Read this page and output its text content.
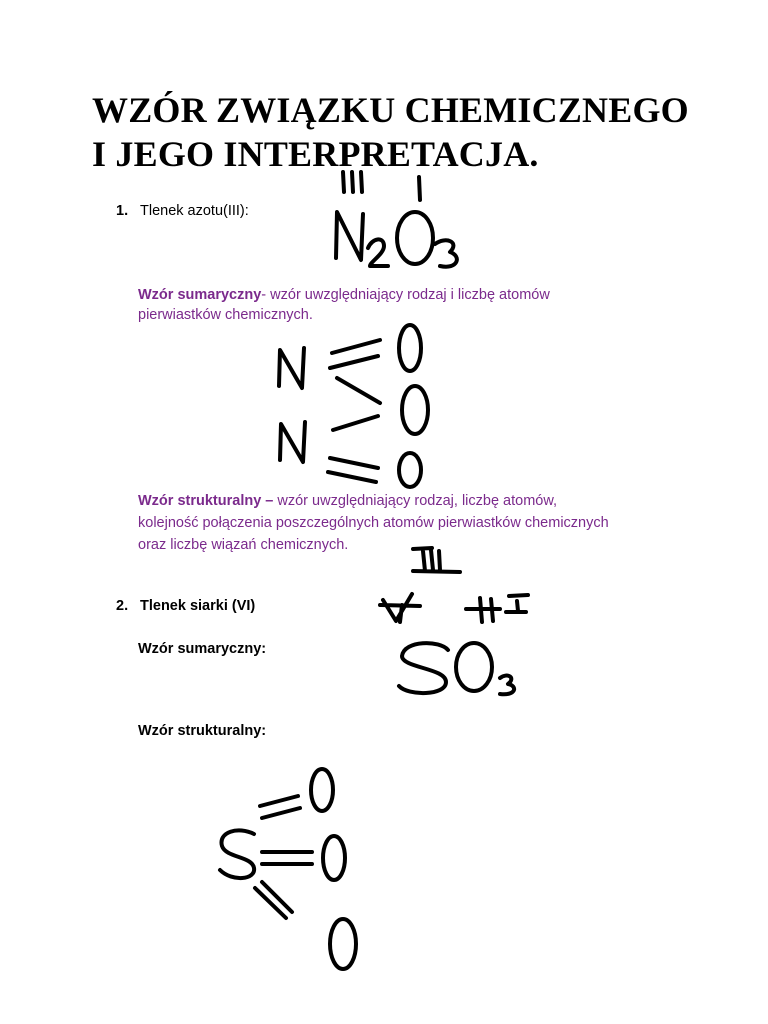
WZÓR ZWIĄZKU CHEMICZNEGO
I JEGO INTERPRETACJA.
1. Tlenek azotu(III):
Wzór sumaryczny- wzór uwzględniający rodzaj i liczbę atomów
pierwiastków chemicznych.
Wzór strukturalny – wzór uwzględniający rodzaj, liczbę atomów,
kolejność połączenia poszczególnych atomów pierwiastków chemicznych
oraz liczbę wiązań chemicznych.
2. Tlenek siarki (VI)
Wzór sumaryczny:
Wzór strukturalny:
